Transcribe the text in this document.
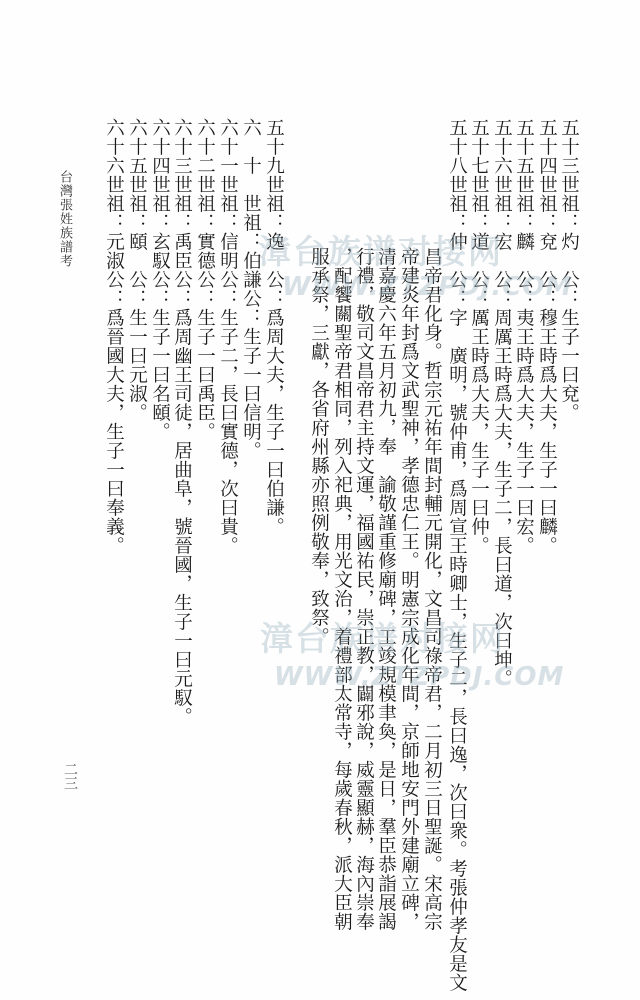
五十三世祖：灼　公：生子一曰兗。
五十四世祖：兗　公：穆王時爲大夫，生子一曰麟。
五十五世祖：麟　公：夷王時爲大夫，生子一曰宏。
五十六世祖：宏　公：周厲王時爲大夫，生子二，長曰道，次曰坤。
五十七世祖：道　公：厲王時爲大夫，生子一曰仲。
五十八世祖：仲　公：字　廣明，號仲甫，爲周宣王時卿士，生子二，長曰逸，次曰衆。考張仲孝友是文
昌帝君化身。哲宗元祐年間封輔元開化，文昌司祿帝君，二月初三日聖誕。宋高宗
帝建炎年封爲文武聖神，孝德忠仁王。明憲宗成化年間，京師地安門外建廟立碑，
清嘉慶六年五月初九，奉　諭敬謹重修廟碑，工竣規模聿奐，是日，羣臣恭詣展謁
行禮，敬司文昌帝君主持文運，福國祐民，崇正教，闢邪說，威靈顯赫，海內崇奉
，配饗關聖帝君相同，列入祀典，用光文治，着禮部太常寺，每歲春秋，派大臣朝
服承祭，三獻，各省府州縣亦照例敬奉，致祭。
五十九世祖：逸　公：爲周大夫，生子一曰伯謙。
六　十　世祖：伯謙公：生子一曰信明。
六十一世祖：信明公：生子二，長曰實德，次曰貴。
六十二世祖：實德公：生子一曰禹臣。
六十三世祖：禹臣公：爲周幽王司徒，居曲阜，號晉國，生子一曰元馭。
六十四世祖：玄馭公：生子一曰名頤。
六十五世祖：頤　公：生一曰元淑。
六十六世祖：元淑公：爲晉國大夫，生子一曰奉義。
台灣張姓族譜考
二三
漳台族谱对接网
WWW.ZTZPDJ.COM
漳台族谱对接网
WWW.ZTZPDJ.COM
